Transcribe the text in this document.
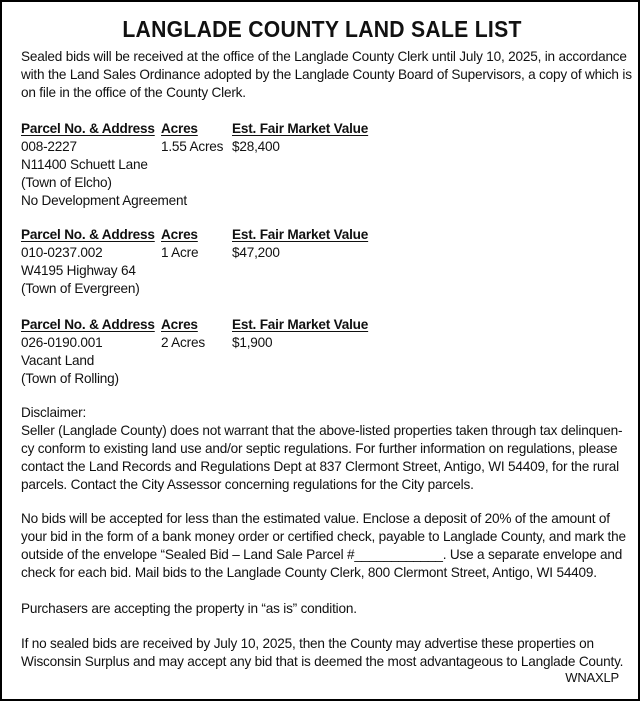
LANGLADE COUNTY LAND SALE LIST
Sealed bids will be received at the office of the Langlade County Clerk until July 10, 2025, in accordance
with the Land Sales Ordinance adopted by the Langlade County Board of Supervisors, a copy of which is
on file in the office of the County Clerk.
Parcel No. & Address Acres	Est. Fair Market Value
008-2227	1.55 Acres $28,400
N11400 Schuett Lane
(Town of Elcho)
No Development Agreement
Parcel No. & Address Acres	Est. Fair Market Value
010-0237.002	1 Acre $47,200
W4195 Highway 64
(Town of Evergreen)
Parcel No. & Address Acres	Est. Fair Market Value
026-0190.001	2 Acres $1,900
Vacant Land
(Town of Rolling)
Disclaimer:
Seller (Langlade County) does not warrant that the above-listed properties taken through tax delinquen-
cy conform to existing land use and/or septic regulations. For further information on regulations, please
contact the Land Records and Regulations Dept at 837 Clermont Street, Antigo, WI 54409, for the rural
parcels. Contact the City Assessor concerning regulations for the City parcels.
No bids will be accepted for less than the estimated value. Enclose a deposit of 20% of the amount of
your bid in the form of a bank money order or certified check, payable to Langlade County, and mark the
outside of the envelope “Sealed Bid – Land Sale Parcel #____________. Use a separate envelope and
check for each bid. Mail bids to the Langlade County Clerk, 800 Clermont Street, Antigo, WI 54409.
Purchasers are accepting the property in “as is” condition.
If no sealed bids are received by July 10, 2025, then the County may advertise these properties on
Wisconsin Surplus and may accept any bid that is deemed the most advantageous to Langlade County.
WNAXLP
